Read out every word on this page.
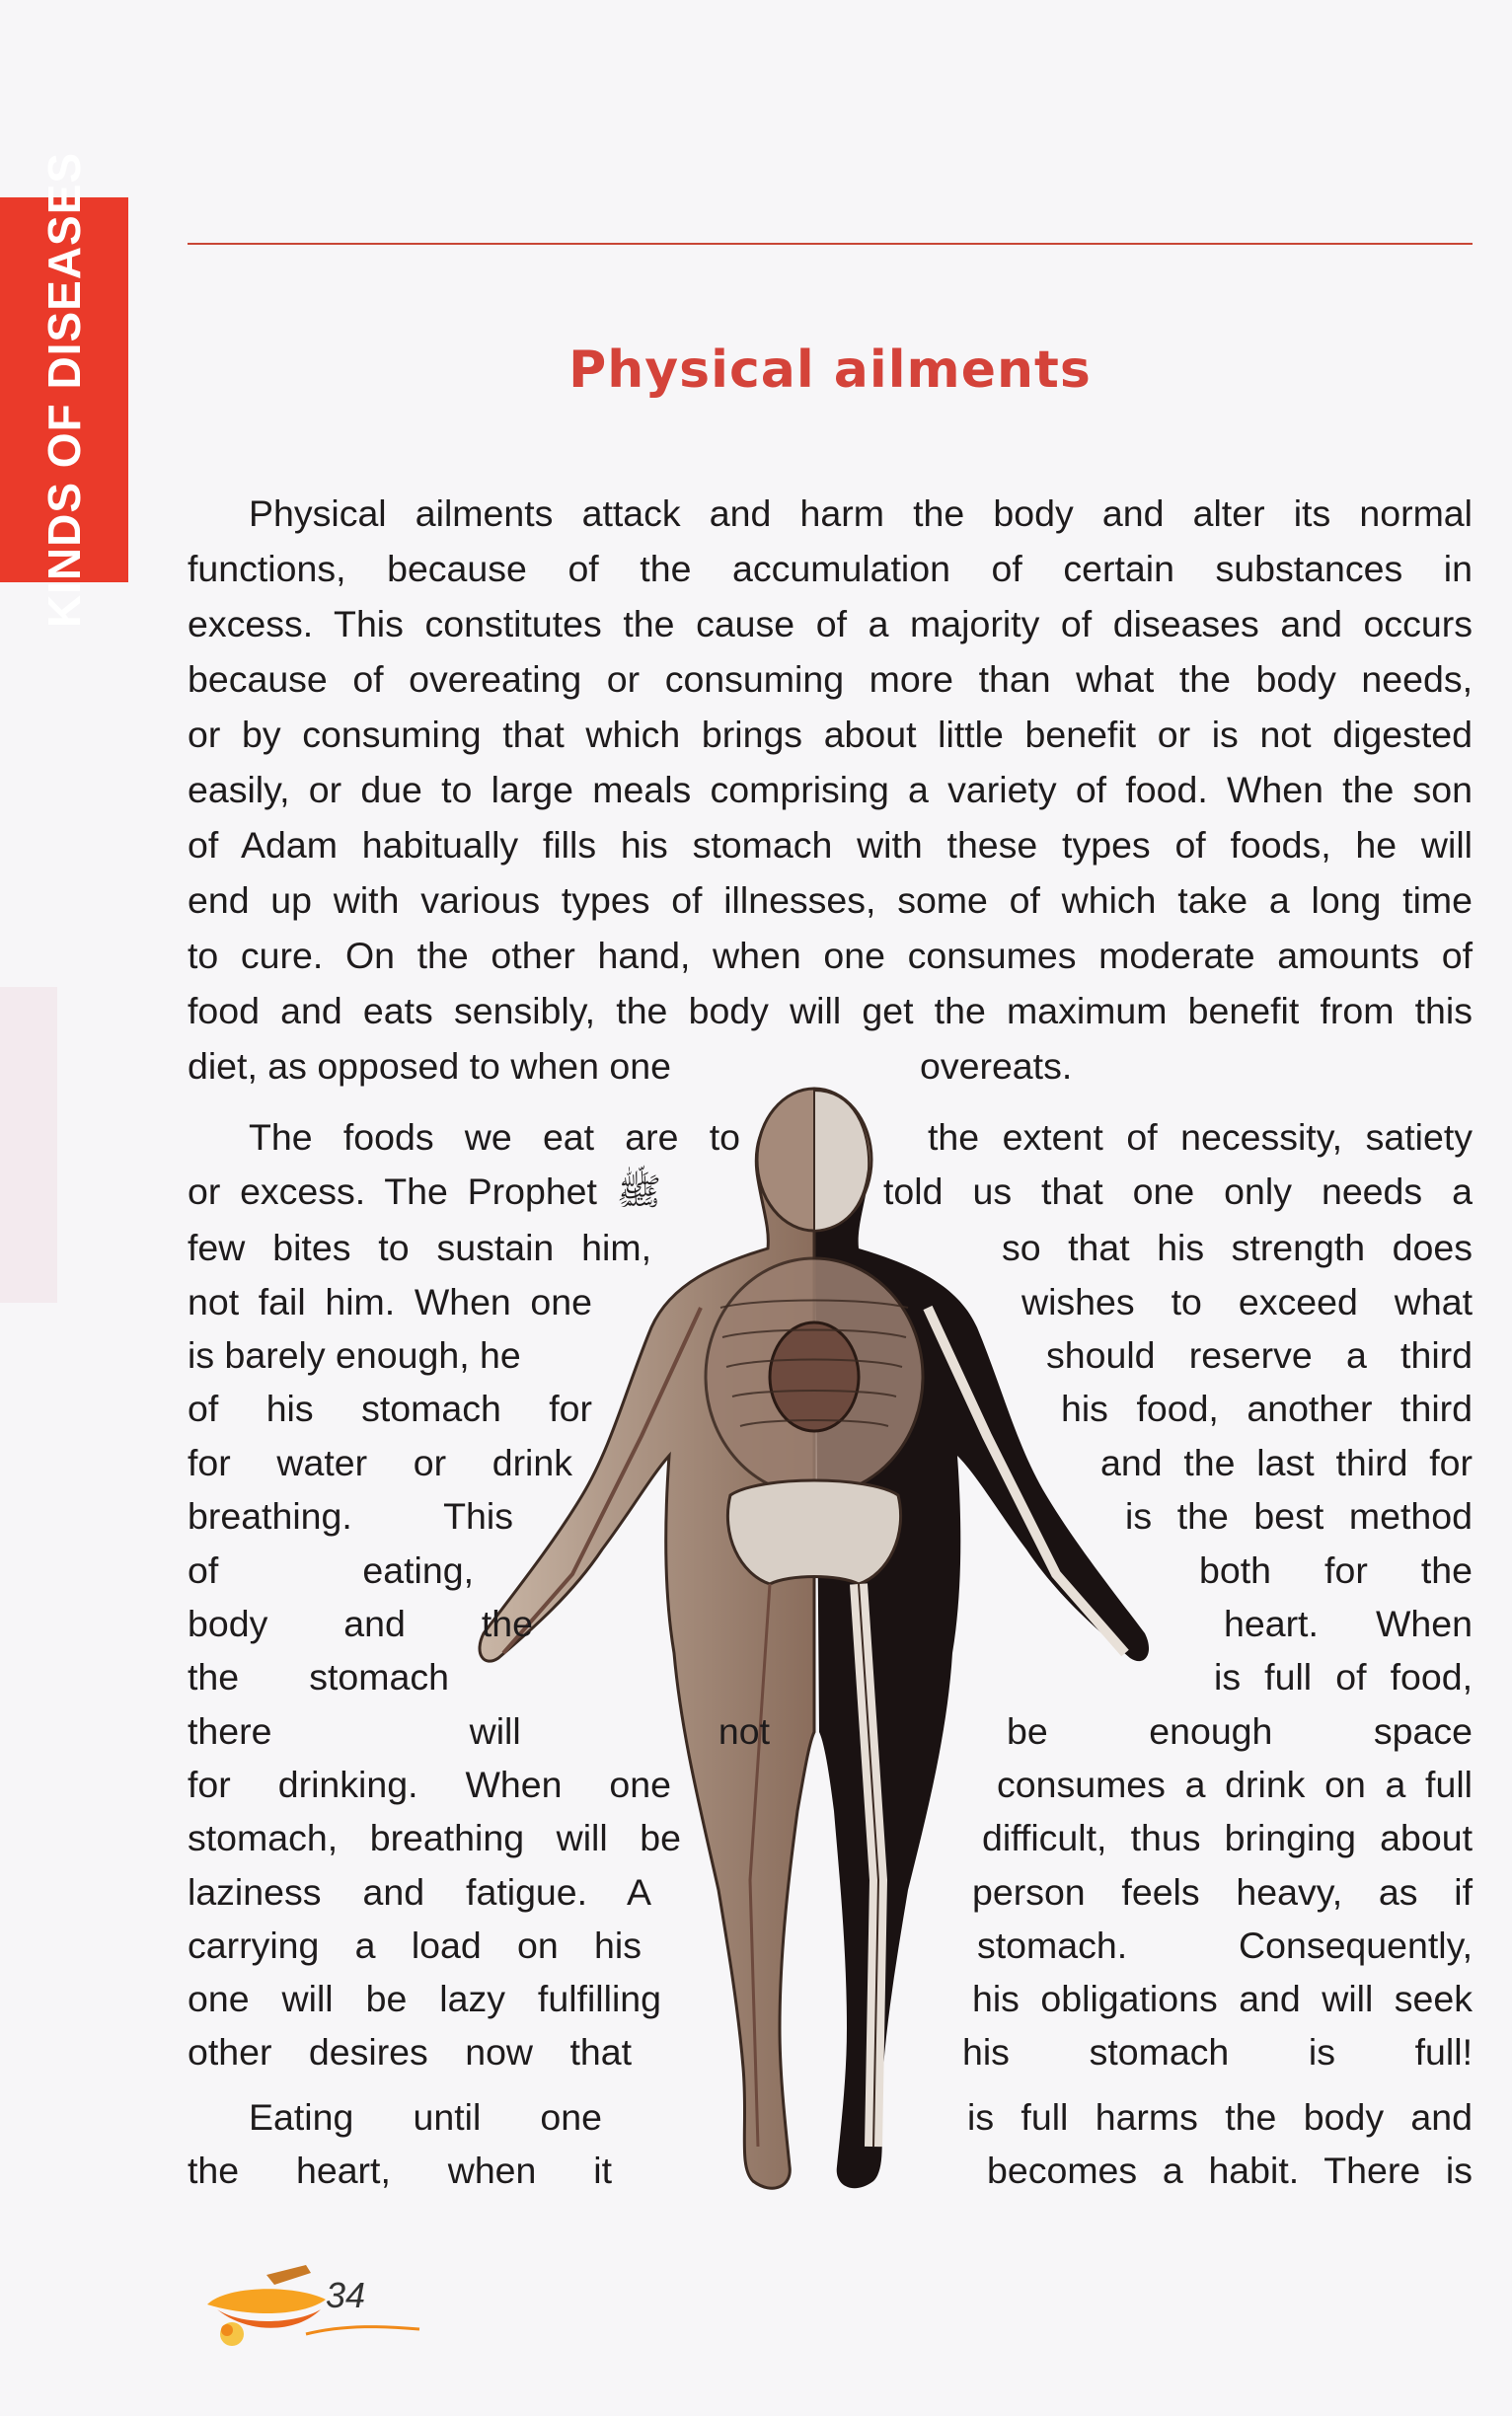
KINDS OF DISEASES	Physical ailments
Physical ailments attack and harm the body and alter its normal
functions, because of the accumulation of certain substances in
excess. This constitutes the cause of a majority of diseases and occurs
because of overeating or consuming more than what the body needs,
or by consuming that which brings about little benefit or is not digested
easily, or due to large meals comprising a variety of food. When the son
of Adam habitually fills his stomach with these types of foods, he will
end up with various types of illnesses, some of which take a long time
to cure. On the other hand, when one consumes moderate amounts of
food and eats sensibly, the body will get the maximum benefit from this
diet, as opposed to when one	overeats.
The foods we eat are to	the extent of necessity, satiety
or excess. The Prophet ﷺ	told us that one only needs a
few bites to sustain him,	so that his strength does
not fail him. When one	wishes to exceed what
is barely enough, he	should reserve a third
of his stomach for	his food, another third
for water or drink	and the last third for
breathing. This	is the best method
of eating,	both for the
body and the	heart. When
the stomach	is full of food,
there will not	be enough space
for drinking. When one	consumes a drink on a full
stomach, breathing will be	difficult, thus bringing about
laziness and fatigue. A	person feels heavy, as if
carrying a load on his	stomach. Consequently,
one will be lazy fulfilling	his obligations and will seek
other desires now that	his stomach is full!
Eating until one	is full harms the body and
the heart, when it	becomes a habit. There is
34
